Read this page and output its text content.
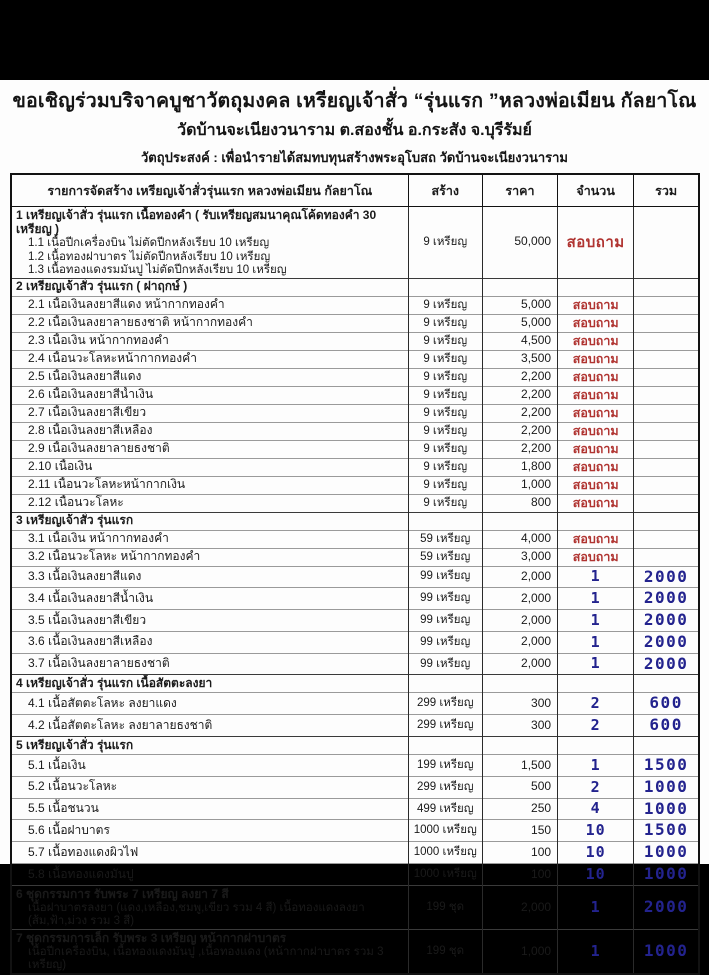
ขอเชิญร่วมบริจาคบูชาวัตถุมงคล เหรียญเจ้าสั่ว “รุ่นแรก ”หลวงพ่อเมียน กัลยาโณ
วัดบ้านจะเนียงวนาราม ต.สองชั้น อ.กระสัง จ.บุรีรัมย์
วัตถุประสงค์ : เพื่อนำรายได้สมทบทุนสร้างพระอุโบสถ วัดบ้านจะเนียงวนาราม
รายการจัดสร้าง เหรียญเจ้าสั่วรุ่นแรก หลวงพ่อเมียน กัลยาโณ	สร้าง	ราคา	จำนวน	รวม

1 เหรียญเจ้าสั่ว รุ่นแรก เนื้อทองคำ ( รับเหรียญสมนาคุณโค้ดทองคำ 30 เหรียญ )
1.1 เนื้อปีกเครื่องบิน ไม่ตัดปีกหลังเรียบ 10 เหรียญ
1.2 เนื้อทองฝาบาตร ไม่ตัดปีกหลังเรียบ 10 เหรียญ
1.3 เนื้อทองแดงรมมันปู ไม่ตัดปีกหลังเรียบ 10 เหรียญ	9 เหรียญ	50,000	สอบถาม	
2 เหรียญเจ้าสั่ว รุ่นแรก ( ฝาฤกษ์ )				
2.1 เนื้อเงินลงยาสีแดง หน้ากากทองคำ	9 เหรียญ	5,000	สอบถาม	
2.2 เนื้อเงินลงยาลายธงชาติ หน้ากากทองคำ	9 เหรียญ	5,000	สอบถาม	
2.3 เนื้อเงิน หน้ากากทองคำ	9 เหรียญ	4,500	สอบถาม	
2.4 เนื้อนวะโลหะหน้ากากทองคำ	9 เหรียญ	3,500	สอบถาม	
2.5 เนื้อเงินลงยาสีแดง	9 เหรียญ	2,200	สอบถาม	
2.6 เนื้อเงินลงยาสีน้ำเงิน	9 เหรียญ	2,200	สอบถาม	
2.7 เนื้อเงินลงยาสีเขียว	9 เหรียญ	2,200	สอบถาม	
2.8 เนื้อเงินลงยาสีเหลือง	9 เหรียญ	2,200	สอบถาม	
2.9 เนื้อเงินลงยาลายธงชาติ	9 เหรียญ	2,200	สอบถาม	
2.10 เนื้อเงิน	9 เหรียญ	1,800	สอบถาม	
2.11 เนื้อนวะโลหะหน้ากากเงิน	9 เหรียญ	1,000	สอบถาม	
2.12 เนื้อนวะโลหะ	9 เหรียญ	800	สอบถาม	
3 เหรียญเจ้าสั่ว รุ่นแรก				
3.1 เนื้อเงิน หน้ากากทองคำ	59 เหรียญ	4,000	สอบถาม	
3.2 เนื้อนวะโลหะ หน้ากากทองคำ	59 เหรียญ	3,000	สอบถาม	
3.3 เนื้อเงินลงยาสีแดง	99 เหรียญ	2,000	1	2000
3.4 เนื้อเงินลงยาสีน้ำเงิน	99 เหรียญ	2,000	1	2000
3.5 เนื้อเงินลงยาสีเขียว	99 เหรียญ	2,000	1	2000
3.6 เนื้อเงินลงยาสีเหลือง	99 เหรียญ	2,000	1	2000
3.7 เนื้อเงินลงยาลายธงชาติ	99 เหรียญ	2,000	1	2000
4 เหรียญเจ้าสั่ว รุ่นแรก เนื้อสัตตะลงยา				
4.1 เนื้อสัตตะโลหะ ลงยาแดง	299 เหรียญ	300	2	600
4.2 เนื้อสัตตะโลหะ ลงยาลายธงชาติ	299 เหรียญ	300	2	600
5 เหรียญเจ้าสั่ว รุ่นแรก				
5.1 เนื้อเงิน	199 เหรียญ	1,500	1	1500
5.2 เนื้อนวะโลหะ	299 เหรียญ	500	2	1000
5.5 เนื้อชนวน	499 เหรียญ	250	4	1000
5.6 เนื้อฝาบาตร	1000 เหรียญ	150	10	1500
5.7 เนื้อทองแดงผิวไฟ	1000 เหรียญ	100	10	1000
5.8 เนื้อทองแดงมันปู	1000 เหรียญ	100	10	1000

6 ชุดกรรมการ รับพระ 7 เหรียญ ลงยา 7 สี
เนื้อฝาบาตรลงยา (แดง,เหลือง,ชมพู,เขียว รวม 4 สี) เนื้อทองแดงลงยา (ส้ม,ฟ้า,ม่วง รวม 3 สี)	199 ชุด	2,000	1	2000

7 ชุดกรรมการเล็ก รับพระ 3 เหรียญ หน้ากากฝาบาตร
เนื้อปีกเครื่องบิน, เนื้อทองแดงมันปู ,เนื้อทองแดง (หน้ากากฝาบาตร รวม 3 เหรียญ)	199 ชุด	1,000	1	1000
